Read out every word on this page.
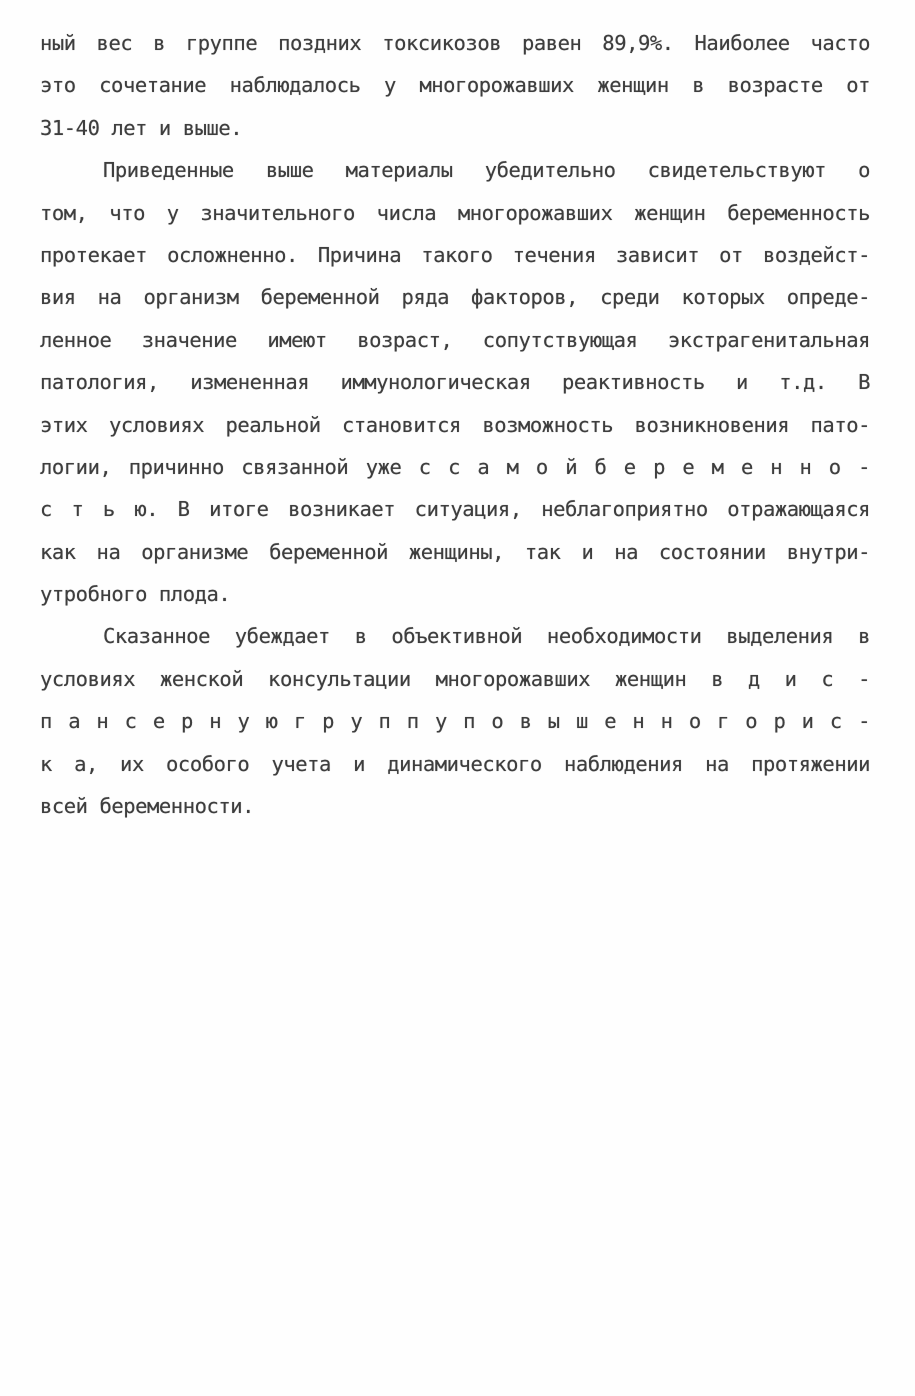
ный вес в группе поздних токсикозов равен 89,9%. Наиболее часто
это сочетание наблюдалось у многорожавших женщин в возрасте от
31-40 лет и выше.
Приведенные выше материалы убедительно свидетельствуют о
том, что у значительного числа многорожавших женщин беременность
протекает осложненно. Причина такого течения зависит от воздейст-
вия на организм беременной ряда факторов, среди которых опреде-
ленное значение имеют возраст, сопутствующая экстрагенитальная
патология, измененная иммунологическая реактивность и т.д. В
этих условиях реальной становится возможность возникновения пато-
логии, причинно связанной уже с с а м о й б е р е м е н н о -
с т ь ю. В итоге возникает ситуация, неблагоприятно отражающаяся
как на организме беременной женщины, так и на состоянии внутри-
утробного плода.
Сказанное убеждает в объективной необходимости выделения в
условиях женской консультации многорожавших женщин в д и с -
п а н с е р н у ю г р у п п у п о в ы ш е н н о г о р и с -
к а, их особого учета и динамического наблюдения на протяжении
всей беременности.
